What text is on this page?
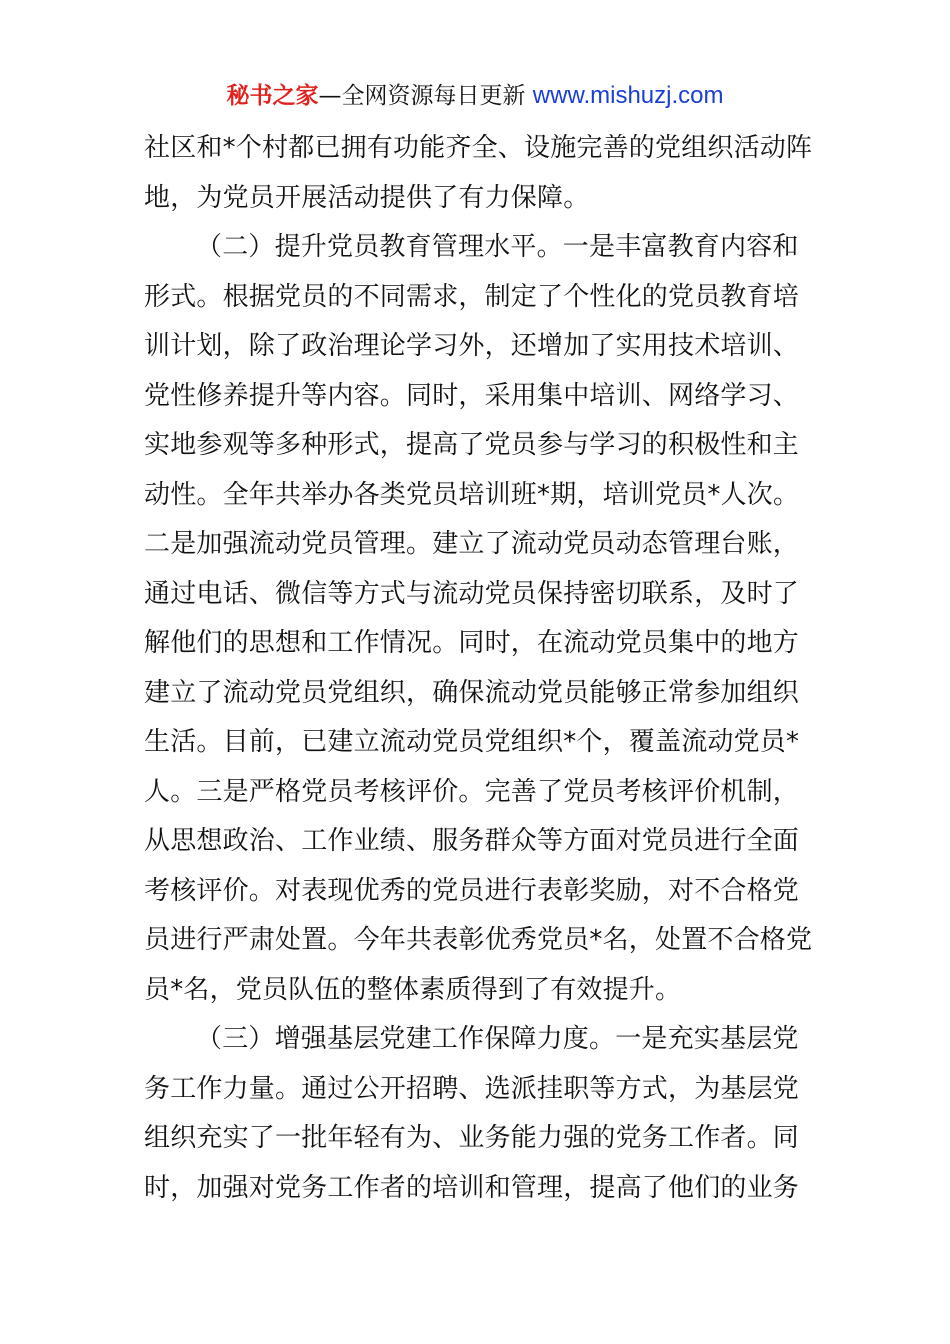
秘书之家—全网资源每日更新 www.mishuzj.com
社区和*个村都已拥有功能齐全、设施完善的党组织活动阵
地，为党员开展活动提供了有力保障。
（二）提升党员教育管理水平。一是丰富教育内容和
形式。根据党员的不同需求，制定了个性化的党员教育培
训计划，除了政治理论学习外，还增加了实用技术培训、
党性修养提升等内容。同时，采用集中培训、网络学习、
实地参观等多种形式，提高了党员参与学习的积极性和主
动性。全年共举办各类党员培训班*期，培训党员*人次。
二是加强流动党员管理。建立了流动党员动态管理台账，
通过电话、微信等方式与流动党员保持密切联系，及时了
解他们的思想和工作情况。同时，在流动党员集中的地方
建立了流动党员党组织，确保流动党员能够正常参加组织
生活。目前，已建立流动党员党组织*个，覆盖流动党员*
人。三是严格党员考核评价。完善了党员考核评价机制，
从思想政治、工作业绩、服务群众等方面对党员进行全面
考核评价。对表现优秀的党员进行表彰奖励，对不合格党
员进行严肃处置。今年共表彰优秀党员*名，处置不合格党
员*名，党员队伍的整体素质得到了有效提升。
（三）增强基层党建工作保障力度。一是充实基层党
务工作力量。通过公开招聘、选派挂职等方式，为基层党
组织充实了一批年轻有为、业务能力强的党务工作者。同
时，加强对党务工作者的培训和管理，提高了他们的业务
